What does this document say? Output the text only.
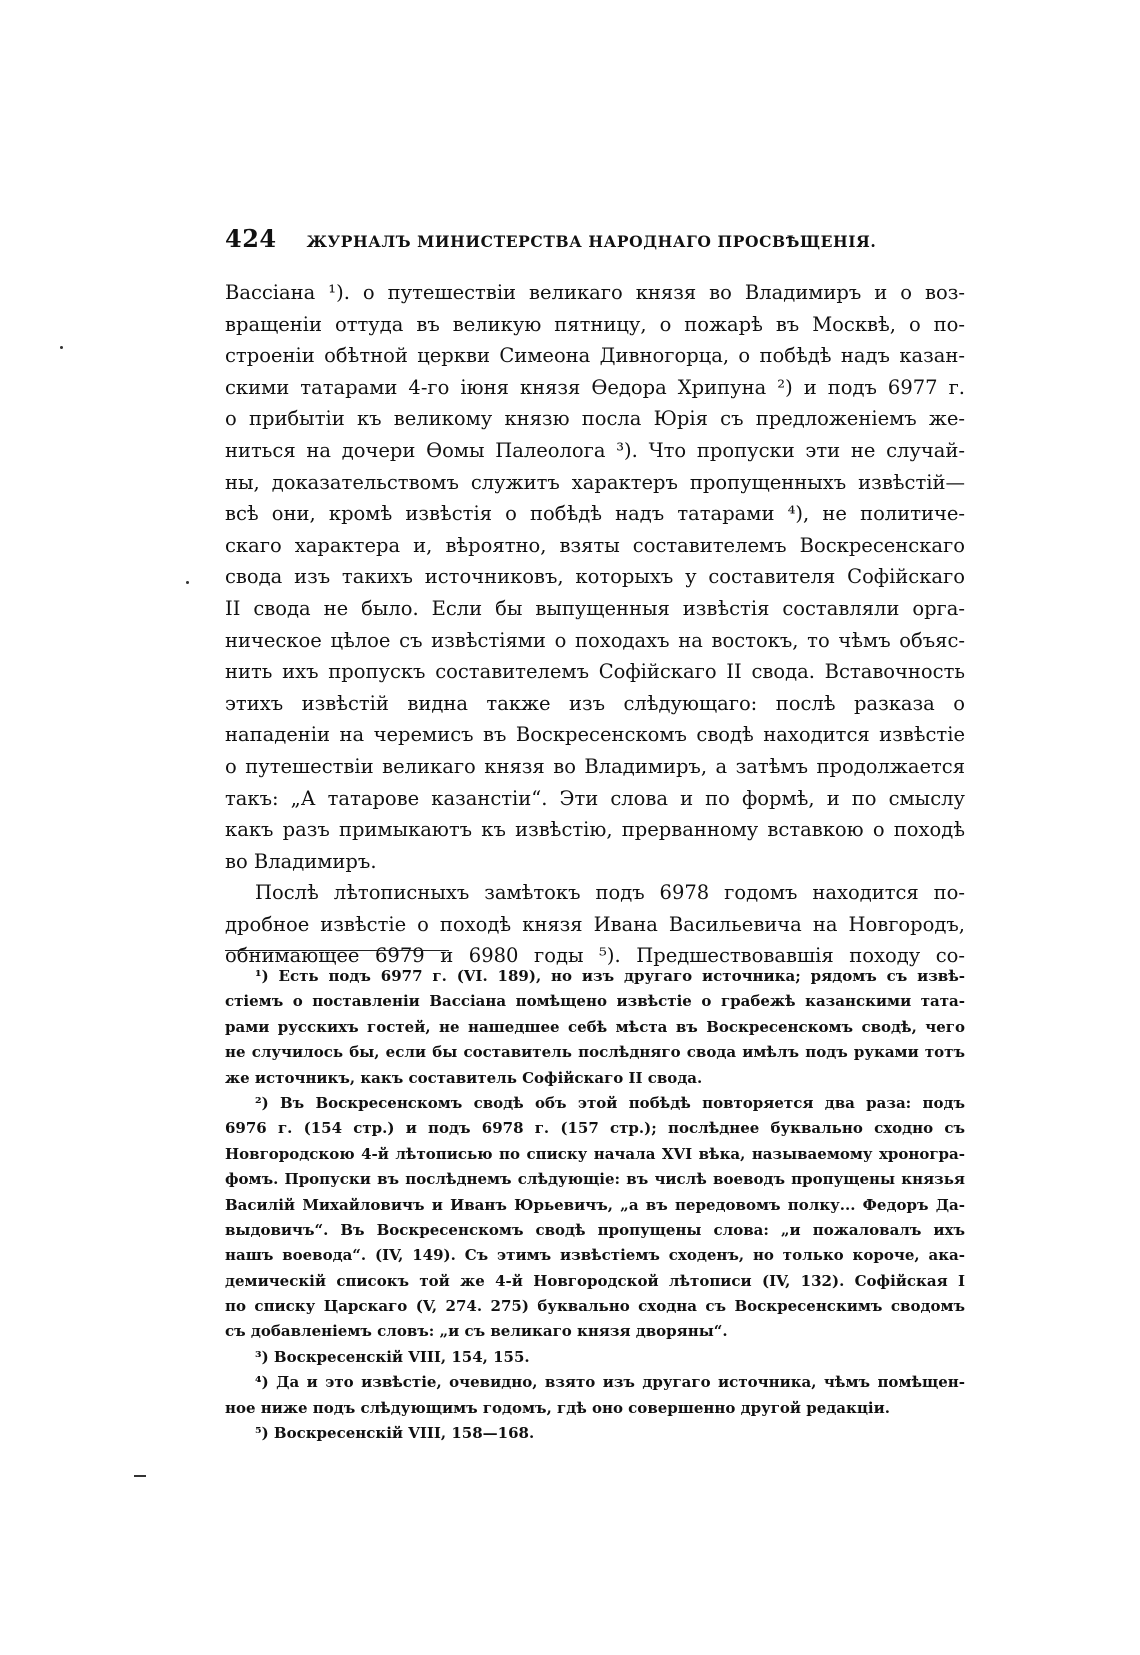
424 ЖУРНАЛЪ МИНИСТЕРСТВА НАРОДНАГО ПРОСВѢЩЕНІЯ.
Вассіана ¹). о путешествіи великаго князя во Владимиръ и о воз-
вращеніи оттуда въ великую пятницу, о пожарѣ въ Москвѣ, о по-
строеніи обѣтной церкви Симеона Дивногорца, о побѣдѣ надъ казан-
скими татарами 4-го іюня князя Ѳедора Хрипуна ²) и подъ 6977 г.
о прибытіи къ великому князю посла Юрія съ предложеніемъ же-
ниться на дочери Ѳомы Палеолога ³). Что пропуски эти не случай-
ны, доказательствомъ служитъ характеръ пропущенныхъ извѣстій—
всѣ они, кромѣ извѣстія о побѣдѣ надъ татарами ⁴), не политиче-
скаго характера и, вѣроятно, взяты составителемъ Воскресенскаго
свода изъ такихъ источниковъ, которыхъ у составителя Софійскаго
II свода не было. Если бы выпущенныя извѣстія составляли орга-
ническое цѣлое съ извѣстіями о походахъ на востокъ, то чѣмъ объяс-
нить ихъ пропускъ составителемъ Софійскаго II свода. Вставочность
этихъ извѣстій видна также изъ слѣдующаго: послѣ разказа о
нападеніи на черемисъ въ Воскресенскомъ сводѣ находится извѣстіе
о путешествіи великаго князя во Владимиръ, а затѣмъ продолжается
такъ: „А татарове казанстіи“. Эти слова и по формѣ, и по смыслу
какъ разъ примыкаютъ къ извѣстію, прерванному вставкою о походѣ
во Владимиръ.
Послѣ лѣтописныхъ замѣтокъ подъ 6978 годомъ находится по-
дробное извѣстіе о походѣ князя Ивана Васильевича на Новгородъ,
обнимающее 6979 и 6980 годы ⁵). Предшествовавшія походу со-
¹) Есть подъ 6977 г. (VI. 189), но изъ другаго источника; рядомъ съ извѣ-
стіемъ о поставленіи Вассіана помѣщено извѣстіе о грабежѣ казанскими тата-
рами русскихъ гостей, не нашедшее себѣ мѣста въ Воскресенскомъ сводѣ, чего
не случилось бы, если бы составитель послѣдняго свода имѣлъ подъ руками тотъ
же источникъ, какъ составитель Софійскаго II свода.
²) Въ Воскресенскомъ сводѣ объ этой побѣдѣ повторяется два раза: подъ
6976 г. (154 стр.) и подъ 6978 г. (157 стр.); послѣднее буквально сходно съ
Новгородскою 4-й лѣтописью по списку начала XVI вѣка, называемому хроногра-
фомъ. Пропуски въ послѣднемъ слѣдующіе: въ числѣ воеводъ пропущены князья
Василій Михайловичъ и Иванъ Юрьевичъ, „а въ передовомъ полку... Федоръ Да-
выдовичъ“. Въ Воскресенскомъ сводѣ пропущены слова: „и пожаловалъ ихъ
нашъ воевода“. (IV, 149). Съ этимъ извѣстіемъ сходенъ, но только короче, ака-
демическій списокъ той же 4-й Новгородской лѣтописи (IV, 132). Софійская I
по списку Царскаго (V, 274. 275) буквально сходна съ Воскресенскимъ сводомъ
съ добавленіемъ словъ: „и съ великаго князя дворяны“.
³) Воскресенскій VIII, 154, 155.
⁴) Да и это извѣстіе, очевидно, взято изъ другаго источника, чѣмъ помѣщен-
ное ниже подъ слѣдующимъ годомъ, гдѣ оно совершенно другой редакціи.
⁵) Воскресенскій VIII, 158—168.
